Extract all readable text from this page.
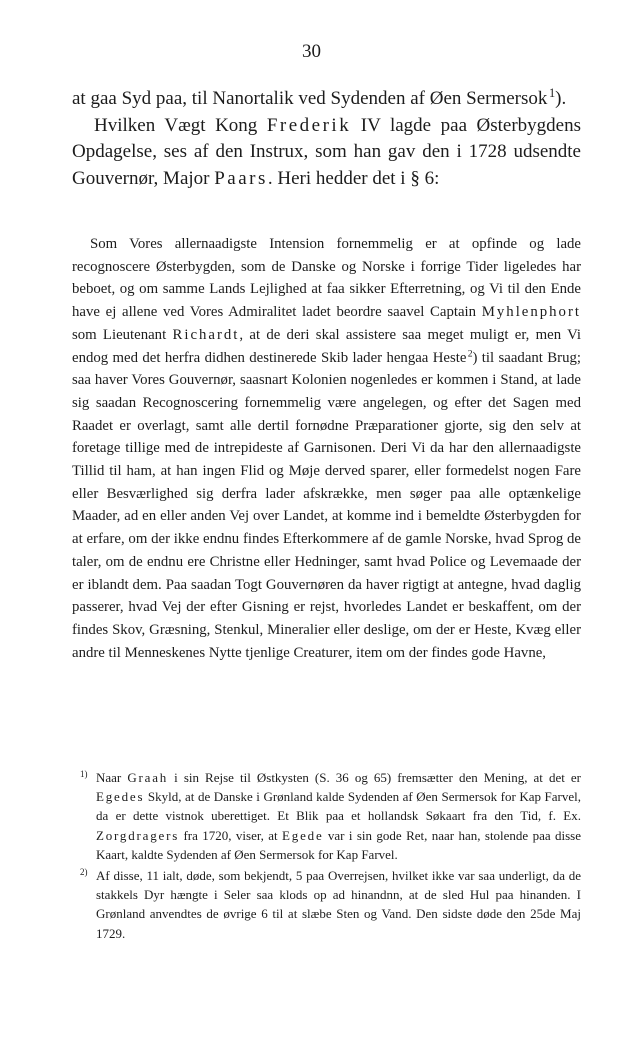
30

at gaa Syd paa, til Nanortalik ved Sydenden af Øen Sermersok  $^1$).

Hvilken Vægt Kong Frederik IV lagde paa Østerbygdens Opdagelse, ses af den Instrux, som han gav den i 1728 udsendte Gouvernør, Major Paars. Heri hedder det i § 6:

Som Vores allernaadigste Intension fornemmelig er at opfinde og lade recognoscere Østerbygden, som de Danske og Norske i forrige Tider ligeledes har beboet, og om samme Lands Lejlighed at faa sikker Efterretning, og Vi til den Ende have ej allene ved Vores Admiralitet ladet beordre saavel Captain Myhlenphort som Lieutenant Richardt, at de deri skal assistere saa meget muligt er, men Vi endog med det herfra didhen destinerede Skib lader hengaa Heste $^2$) til saadant Brug; saa haver Vores Gouvernør, saasnart Kolonien nogenledes er kommen i Stand, at lade sig saadan Recognoscering fornemmelig være angelegen, og efter det Sagen med Raadet er overlagt, samt alle dertil fornødne Præparationer gjorte, sig den selv at foretage tillige med de intrepideste af Garnisonen. Deri Vi da har den allernaadigste Tillid til ham, at han ingen Flid og Møje derved sparer, eller formedelst nogen Fare eller Besværlighed sig derfra lader afskrække, men søger paa alle optænkelige Maader, ad en eller anden Vej over Landet, at komme ind i bemeldte Østerbygden for at erfare, om der ikke endnu findes Efterkommere af de gamle Norske, hvad Sprog de taler, om de endnu ere Christne eller Hedninger, samt hvad Police og Levemaade der er iblandt dem. Paa saadan Togt Gouvernøren da haver rigtigt at antegne, hvad daglig passerer, hvad Vej der efter Gisning er rejst, hvorledes Landet er beskaffent, om der findes Skov, Græsning, Stenkul, Mineralier eller deslige, om der er Heste, Kvæg eller andre til Menneskenes Nytte tjenlige Creaturer, item om der findes gode Havne,

1) Naar Graah i sin Rejse til Østkysten (S. 36 og 65) fremsætter den Mening, at det er Egedes Skyld, at de Danske i Grønland kalde Sydenden af Øen Sermersok for Kap Farvel, da er dette vistnok uberettiget. Et Blik paa et hollandsk Søkaart fra den Tid, f. Ex. Zorgdragers fra 1720, viser, at Egede var i sin gode Ret, naar han, stolende paa disse Kaart, kaldte Sydenden af Øen Sermersok for Kap Farvel.

2) Af disse, 11 ialt, døde, som bekjendt, 5 paa Overrejsen, hvilket ikke var saa underligt, da de stakkels Dyr hængte i Seler saa klods op ad hinandnn, at de sled Hul paa hinanden. I Grønland anvendtes de øvrige 6 til at slæbe Sten og Vand. Den sidste døde den 25de Maj 1729.
